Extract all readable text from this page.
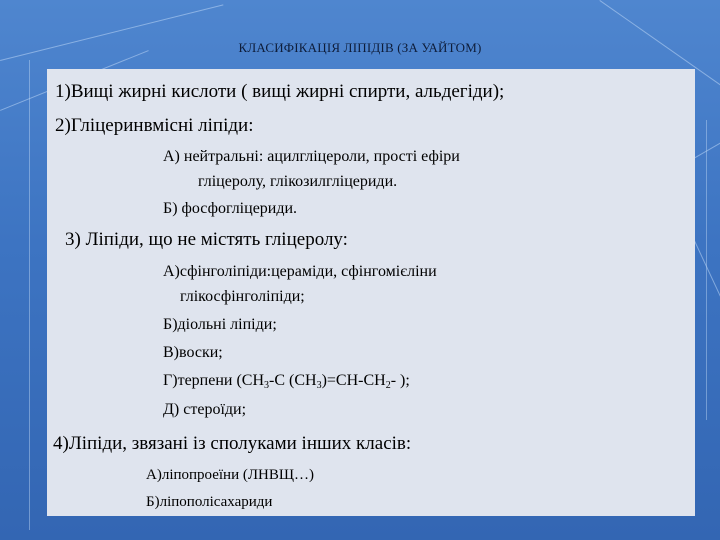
КЛАСИФІКАЦІЯ ЛІПІДІВ (ЗА УАЙТОМ)
1)Вищі жирні кислоти ( вищі жирні спирти, альдегіди);
2)Гліцеринвмісні ліпіди:
А) нейтральні: ацилгліцероли, прості ефіри
гліцеролу, глікозилгліцериди.
Б) фосфогліцериди.
3) Ліпіди, що не містять гліцеролу:
А)сфінголіпіди:цераміди, сфінгомієліни
глікосфінголіпіди;
Б)діольні ліпіди;
В)воски;
Г)терпени ($СН_3-С$ $(СН_3)=СН-СН_2-$ );
Д) стероїди;
4)Ліпіди, звязані із сполуками інших класів:
А)ліпопроеїни (ЛНВЩ…)
Б)ліпополісахариди
